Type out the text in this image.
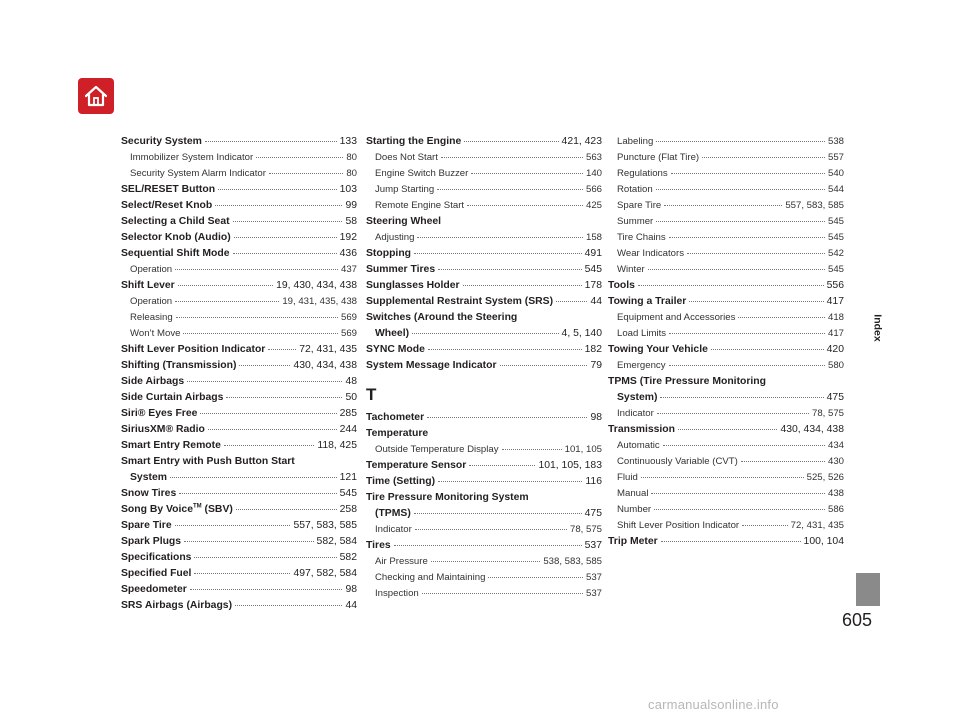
Security System	133
Immobilizer System Indicator	80
Security System Alarm Indicator	80
SEL/RESET Button	103
Select/Reset Knob	99
Selecting a Child Seat	58
Selector Knob (Audio)	192
Sequential Shift Mode	436
Operation	437
Shift Lever	19, 430, 434, 438
Operation	19, 431, 435, 438
Releasing	569
Won’t Move	569
Shift Lever Position Indicator	72, 431, 435
Shifting (Transmission)	430, 434, 438
Side Airbags	48
Side Curtain Airbags	50
Siri® Eyes Free	285
SiriusXM® Radio	244
Smart Entry Remote	118, 425
Smart Entry with Push Button Start
System	121
Snow Tires	545
Song By Voice™ (SBV)	258
Spare Tire	557, 583, 585
Spark Plugs	582, 584
Specifications	582
Specified Fuel	497, 582, 584
Speedometer	98
SRS Airbags (Airbags)	44
Starting the Engine	421, 423
Does Not Start	563
Engine Switch Buzzer	140
Jump Starting	566
Remote Engine Start	425
Steering Wheel
Adjusting	158
Stopping	491
Summer Tires	545
Sunglasses Holder	178
Supplemental Restraint System (SRS)	44
Switches (Around the Steering
Wheel)	4, 5, 140
SYNC Mode	182
System Message Indicator	79
T
Tachometer	98
Temperature
Outside Temperature Display	101, 105
Temperature Sensor	101, 105, 183
Time (Setting)	116
Tire Pressure Monitoring System
(TPMS)	475
Indicator	78, 575
Tires	537
Air Pressure	538, 583, 585
Checking and Maintaining	537
Inspection	537
Labeling	538
Puncture (Flat Tire)	557
Regulations	540
Rotation	544
Spare Tire	557, 583, 585
Summer	545
Tire Chains	545
Wear Indicators	542
Winter	545
Tools	556
Towing a Trailer	417
Equipment and Accessories	418
Load Limits	417
Towing Your Vehicle	420
Emergency	580
TPMS (Tire Pressure Monitoring
System)	475
Indicator	78, 575
Transmission	430, 434, 438
Automatic	434
Continuously Variable (CVT)	430
Fluid	525, 526
Manual	438
Number	586
Shift Lever Position Indicator	72, 431, 435
Trip Meter	100, 104
Index
605
carmanualsonline.info
